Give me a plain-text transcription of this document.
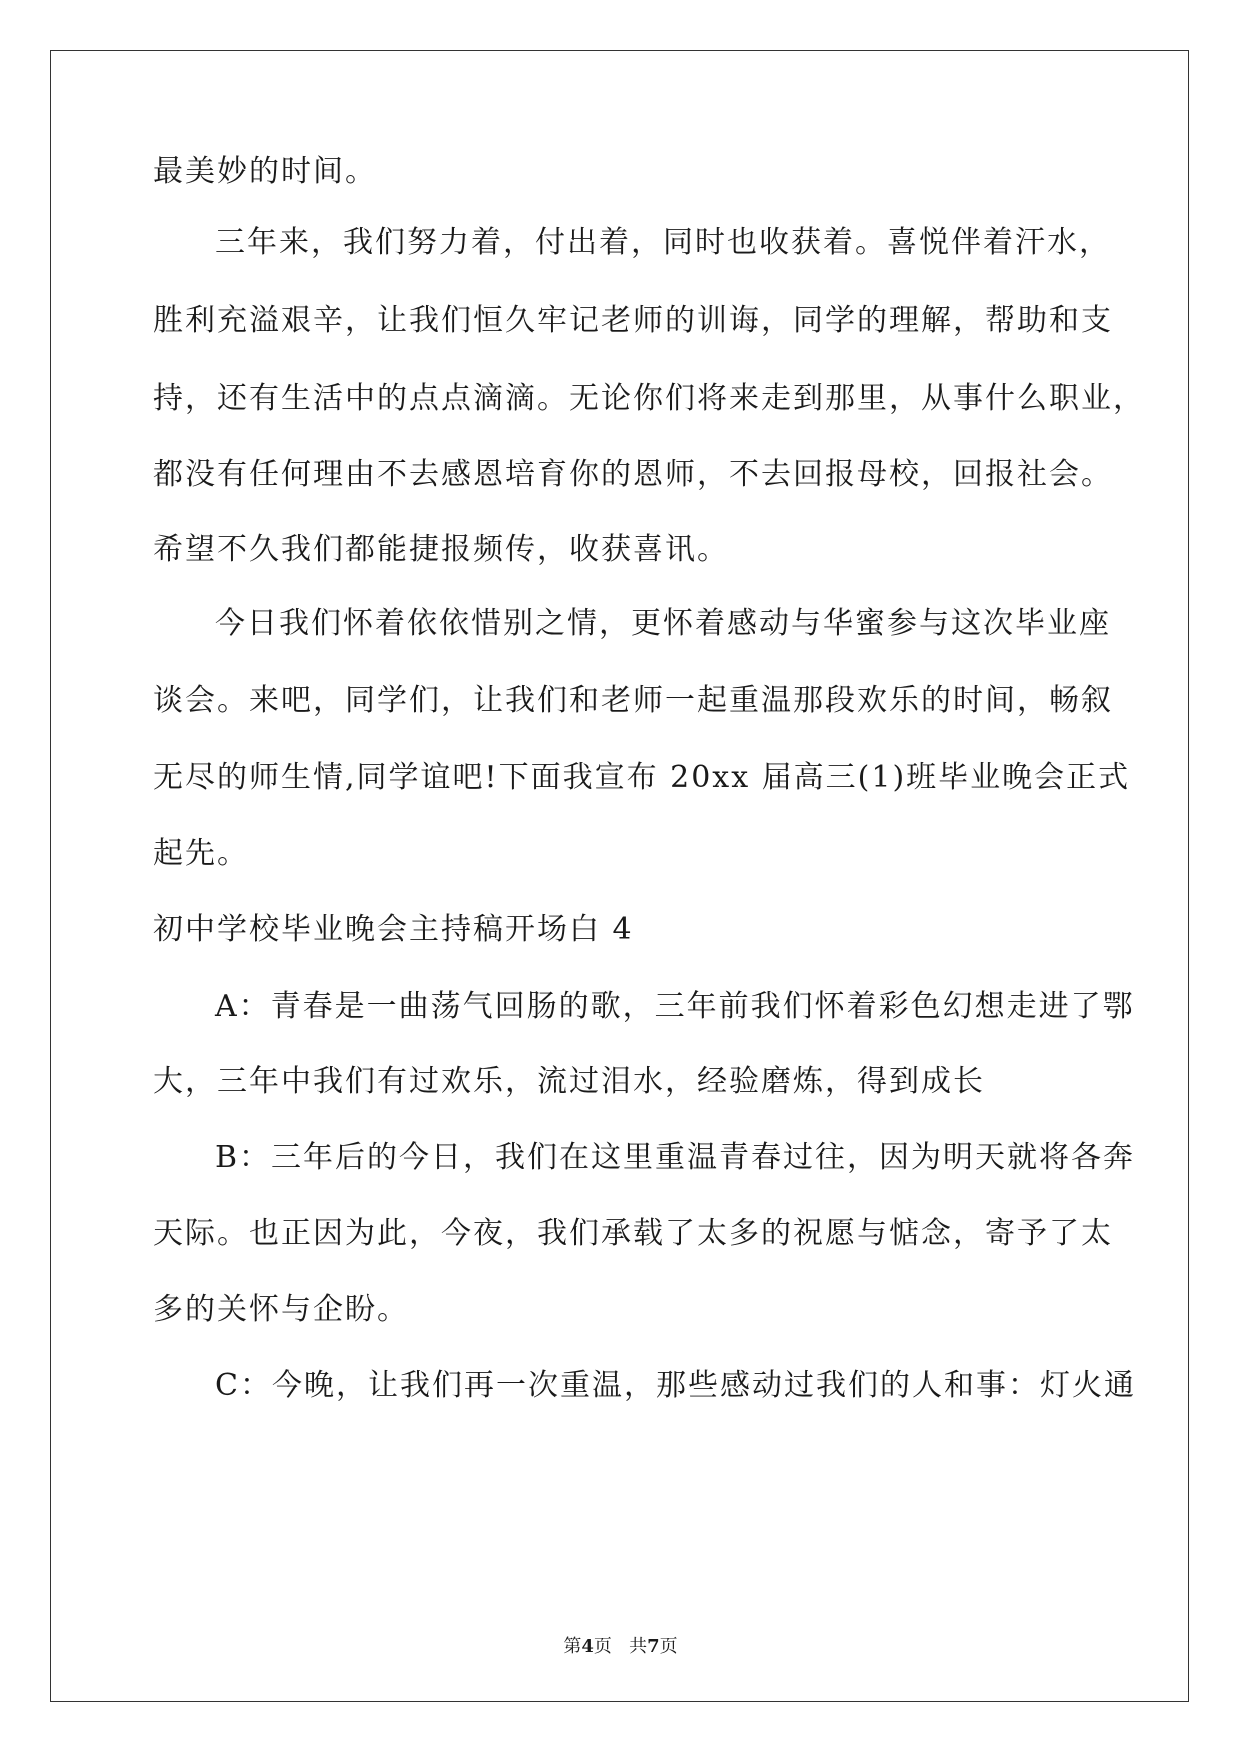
最美妙的时间。
三年来，我们努力着，付出着，同时也收获着。喜悦伴着汗水，
胜利充溢艰辛，让我们恒久牢记老师的训诲，同学的理解，帮助和支
持，还有生活中的点点滴滴。无论你们将来走到那里，从事什么职业，
都没有任何理由不去感恩培育你的恩师，不去回报母校，回报社会。
希望不久我们都能捷报频传，收获喜讯。
今日我们怀着依依惜别之情，更怀着感动与华蜜参与这次毕业座
谈会。来吧，同学们，让我们和老师一起重温那段欢乐的时间，畅叙
无尽的师生情,同学谊吧!下面我宣布 20xx 届高三(1)班毕业晚会正式
起先。
初中学校毕业晚会主持稿开场白 4
A：青春是一曲荡气回肠的歌，三年前我们怀着彩色幻想走进了鄂
大，三年中我们有过欢乐，流过泪水，经验磨炼，得到成长
B：三年后的今日，我们在这里重温青春过往，因为明天就将各奔
天际。也正因为此，今夜，我们承载了太多的祝愿与惦念，寄予了太
多的关怀与企盼。
C：今晚，让我们再一次重温，那些感动过我们的人和事：灯火通
第4页   共7页
